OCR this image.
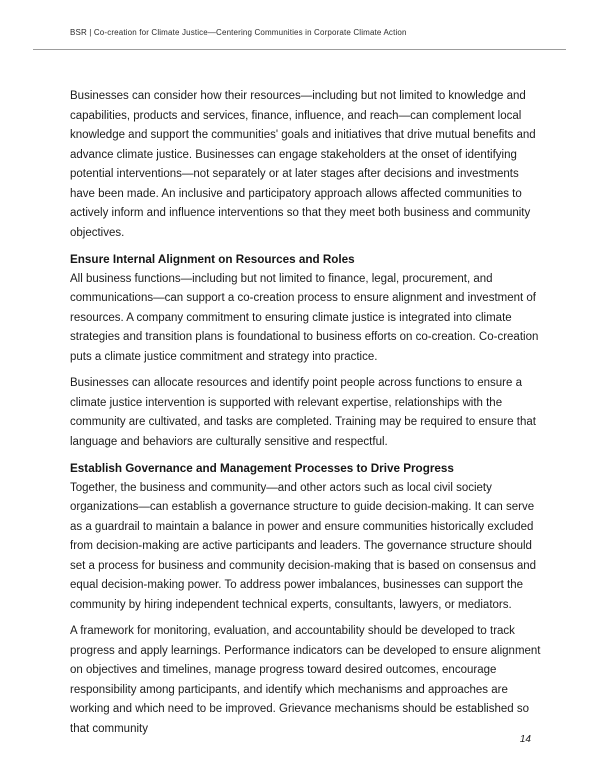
BSR | Co-creation for Climate Justice—Centering Communities in Corporate Climate Action

Businesses can consider how their resources—including but not limited to knowledge and capabilities, products and services, finance, influence, and reach—can complement local knowledge and support the communities' goals and initiatives that drive mutual benefits and advance climate justice. Businesses can engage stakeholders at the onset of identifying potential interventions—not separately or at later stages after decisions and investments have been made. An inclusive and participatory approach allows affected communities to actively inform and influence interventions so that they meet both business and community objectives.

Ensure Internal Alignment on Resources and Roles

All business functions—including but not limited to finance, legal, procurement, and communications—can support a co-creation process to ensure alignment and investment of resources. A company commitment to ensuring climate justice is integrated into climate strategies and transition plans is foundational to business efforts on co-creation. Co-creation puts a climate justice commitment and strategy into practice.

Businesses can allocate resources and identify point people across functions to ensure a climate justice intervention is supported with relevant expertise, relationships with the community are cultivated, and tasks are completed. Training may be required to ensure that language and behaviors are culturally sensitive and respectful.

Establish Governance and Management Processes to Drive Progress

Together, the business and community—and other actors such as local civil society organizations—can establish a governance structure to guide decision-making. It can serve as a guardrail to maintain a balance in power and ensure communities historically excluded from decision-making are active participants and leaders. The governance structure should set a process for business and community decision-making that is based on consensus and equal decision-making power. To address power imbalances, businesses can support the community by hiring independent technical experts, consultants, lawyers, or mediators.

A framework for monitoring, evaluation, and accountability should be developed to track progress and apply learnings. Performance indicators can be developed to ensure alignment on objectives and timelines, manage progress toward desired outcomes, encourage responsibility among participants, and identify which mechanisms and approaches are working and which need to be improved. Grievance mechanisms should be established so that community

14
